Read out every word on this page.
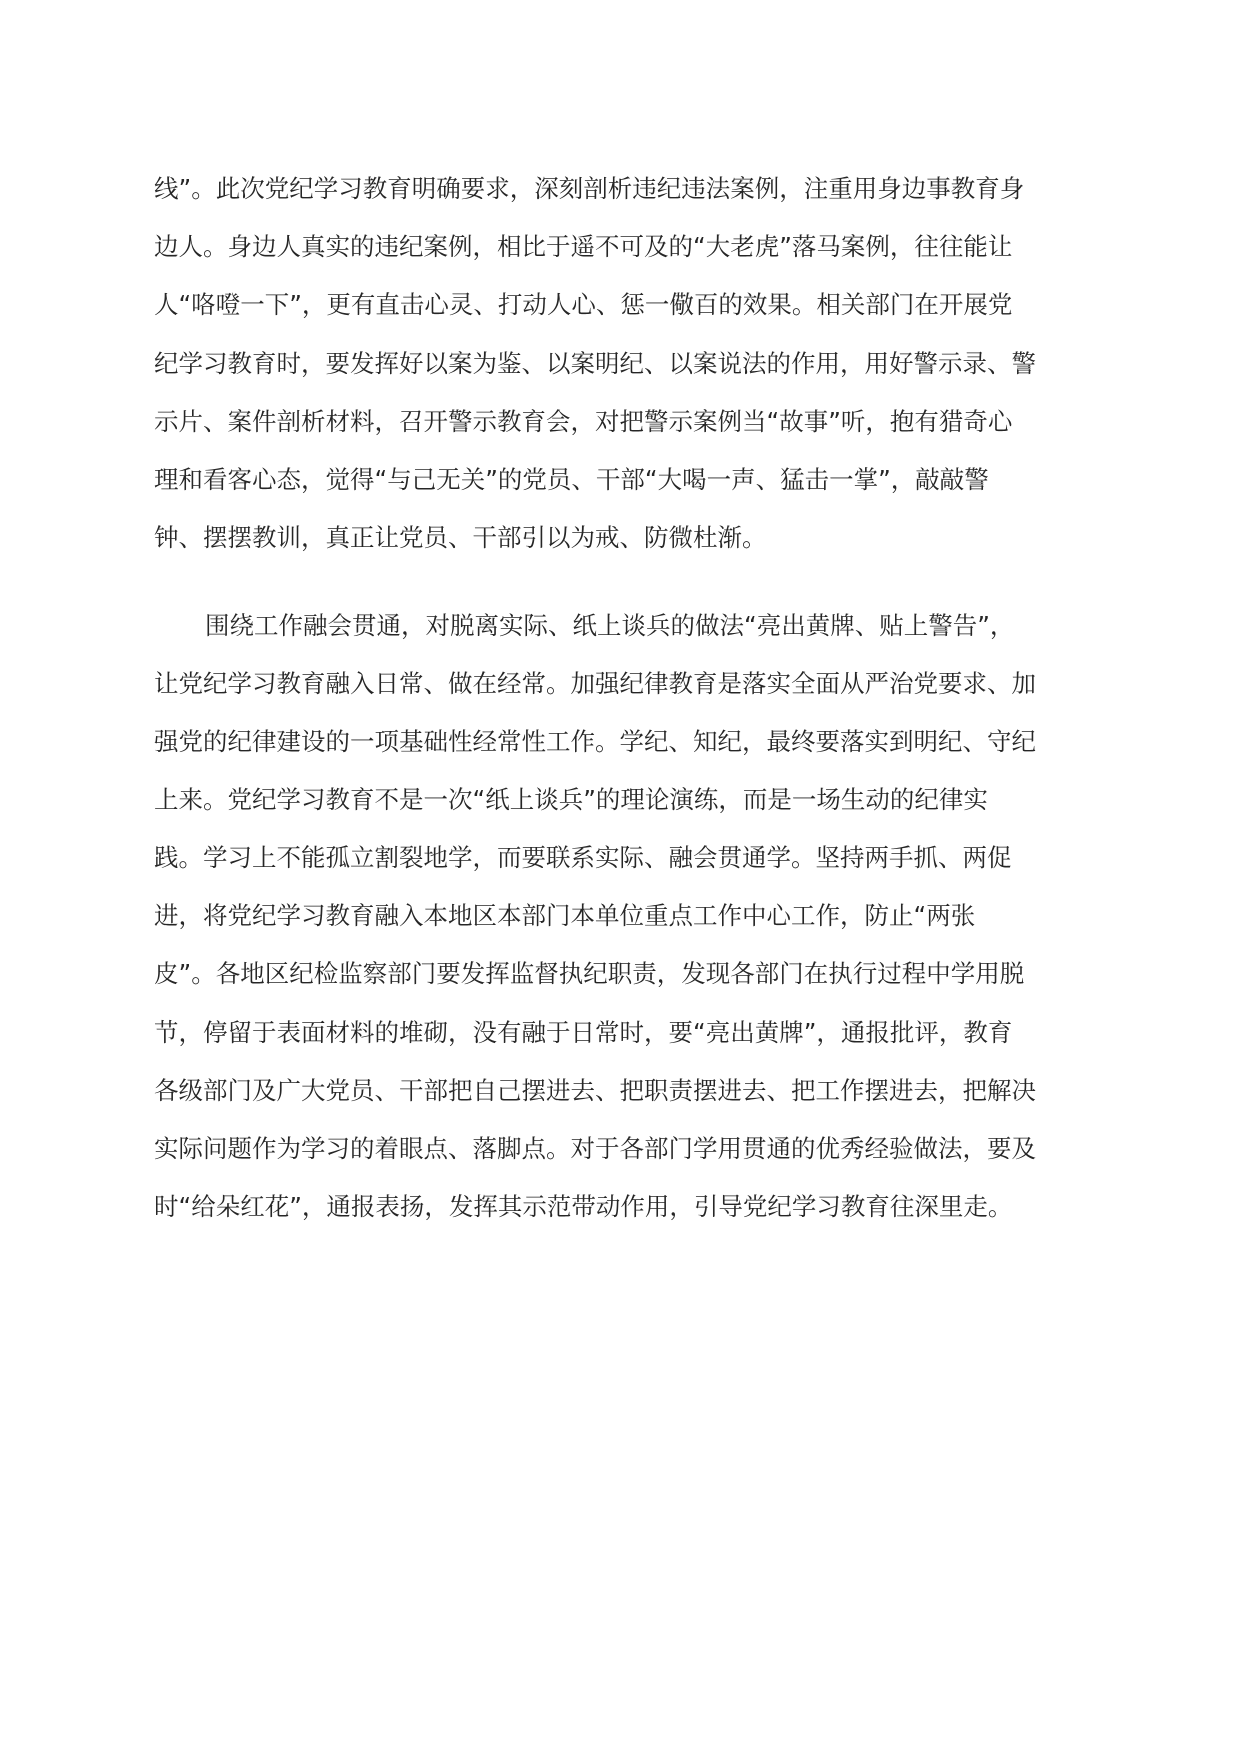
线”。此次党纪学习教育明确要求，深刻剖析违纪违法案例，注重用身边事教育身
边人。身边人真实的违纪案例，相比于遥不可及的“大老虎”落马案例，往往能让
人“咯噔一下”，更有直击心灵、打动人心、惩一儆百的效果。相关部门在开展党
纪学习教育时，要发挥好以案为鉴、以案明纪、以案说法的作用，用好警示录、警
示片、案件剖析材料，召开警示教育会，对把警示案例当“故事”听，抱有猎奇心
理和看客心态，觉得“与己无关”的党员、干部“大喝一声、猛击一掌”，敲敲警
钟、摆摆教训，真正让党员、干部引以为戒、防微杜渐。
围绕工作融会贯通，对脱离实际、纸上谈兵的做法“亮出黄牌、贴上警告”，
让党纪学习教育融入日常、做在经常。加强纪律教育是落实全面从严治党要求、加
强党的纪律建设的一项基础性经常性工作。学纪、知纪，最终要落实到明纪、守纪
上来。党纪学习教育不是一次“纸上谈兵”的理论演练，而是一场生动的纪律实
践。学习上不能孤立割裂地学，而要联系实际、融会贯通学。坚持两手抓、两促
进，将党纪学习教育融入本地区本部门本单位重点工作中心工作，防止“两张
皮”。各地区纪检监察部门要发挥监督执纪职责，发现各部门在执行过程中学用脱
节，停留于表面材料的堆砌，没有融于日常时，要“亮出黄牌”，通报批评，教育
各级部门及广大党员、干部把自己摆进去、把职责摆进去、把工作摆进去，把解决
实际问题作为学习的着眼点、落脚点。对于各部门学用贯通的优秀经验做法，要及
时“给朵红花”，通报表扬，发挥其示范带动作用，引导党纪学习教育往深里走。
